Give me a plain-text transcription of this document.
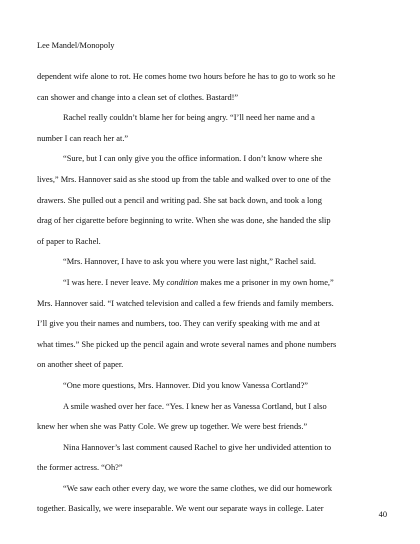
Lee Mandel/Monopoly

dependent wife alone to rot. He comes home two hours before he has to go to work so he

can shower and change into a clean set of clothes. Bastard!”

Rachel really couldn’t blame her for being angry. “I’ll need her name and a

number I can reach her at.”

“Sure, but I can only give you the office information. I don’t know where she

lives,” Mrs. Hannover said as she stood up from the table and walked over to one of the

drawers. She pulled out a pencil and writing pad. She sat back down, and took a long

drag of her cigarette before beginning to write. When she was done, she handed the slip

of paper to Rachel.

“Mrs. Hannover, I have to ask you where you were last night,” Rachel said.

“I was here. I never leave. My condition makes me a prisoner in my own home,”

Mrs. Hannover said. “I watched television and called a few friends and family members.

I’ll give you their names and numbers, too. They can verify speaking with me and at

what times.” She picked up the pencil again and wrote several names and phone numbers

on another sheet of paper.

“One more questions, Mrs. Hannover. Did you know Vanessa Cortland?”

A smile washed over her face. “Yes. I knew her as Vanessa Cortland, but I also

knew her when she was Patty Cole. We grew up together. We were best friends.”

Nina Hannover’s last comment caused Rachel to give her undivided attention to

the former actress. “Oh?”

“We saw each other every day, we wore the same clothes, we did our homework

together. Basically, we were inseparable. We went our separate ways in college. Later

40
